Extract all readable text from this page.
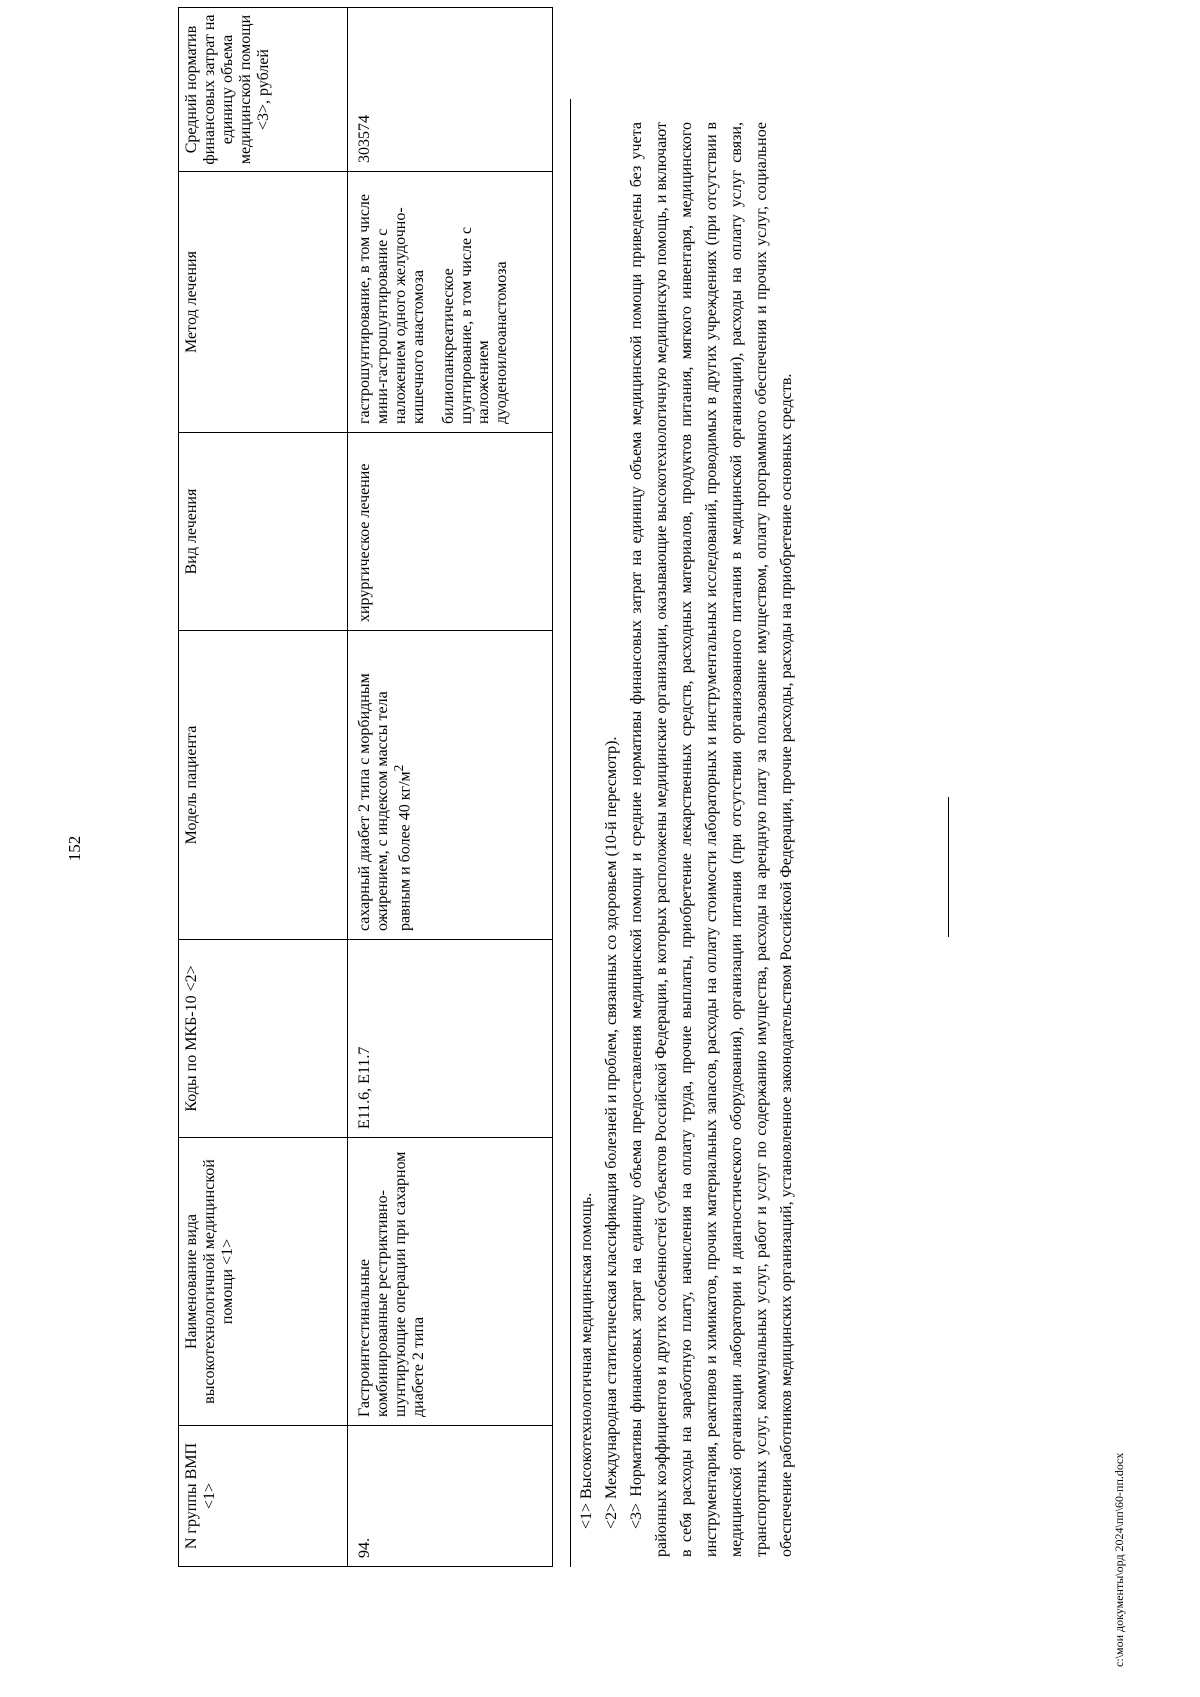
152
N группы ВМП <1>	Наименование вида высокотехнологичной медицинской помощи <1>	Коды по МКБ-10 <2>	Модель пациента	Вид лечения	Метод лечения	Средний норматив финансовых затрат на единицу объема медицинской помощи <3>, рублей
94.	Гастроинтестинальные комбинированные рестриктивно-шунтирующие операции при сахарном диабете 2 типа	E11.6, E11.7	сахарный диабет 2 типа с морбидным ожирением, с индексом массы тела равным и более 40 $кг/м^2$	хирургическое лечение	гастрошунтирование, в том числе мини-гастрошунтирование с наложением одного желудочно-кишечного анастомоза билиопанкреатическое шунтирование, в том числе с наложением дуоденоилеоанастомоза	303574

<1> Высокотехнологичная медицинская помощь. <2> Международная статистическая классификация болезней и проблем, связанных со здоровьем (10-й пересмотр). <3> Нормативы финансовых затрат на единицу объема предоставления медицинской помощи и средние нормативы финансовых затрат на единицу объема медицинской помощи приведены без учета районных коэффициентов и других особенностей субъектов Российской Федерации, в которых расположены медицинские организации, оказывающие высокотехнологичную медицинскую помощь, и включают в себя расходы на заработную плату, начисления на оплату труда, прочие выплаты, приобретение лекарственных средств, расходных материалов, продуктов питания, мягкого инвентаря, медицинского инструментария, реактивов и химикатов, прочих материальных запасов, расходы на оплату стоимости лабораторных и инструментальных исследований, проводимых в других учреждениях (при отсутствии в медицинской организации лаборатории и диагностического оборудования), организации питания (при отсутствии организованного питания в медицинской организации), расходы на оплату услуг связи, транспортных услуг, коммунальных услуг, работ и услуг по содержанию имущества, расходы на арендную плату за пользование имуществом, оплату программного обеспечения и прочих услуг, социальное обеспечение работников медицинских организаций, установленное законодательством Российской Федерации, прочие расходы, расходы на приобретение основных средств.

c:\мои документы\орд 2024\пп\60-пп.docx
